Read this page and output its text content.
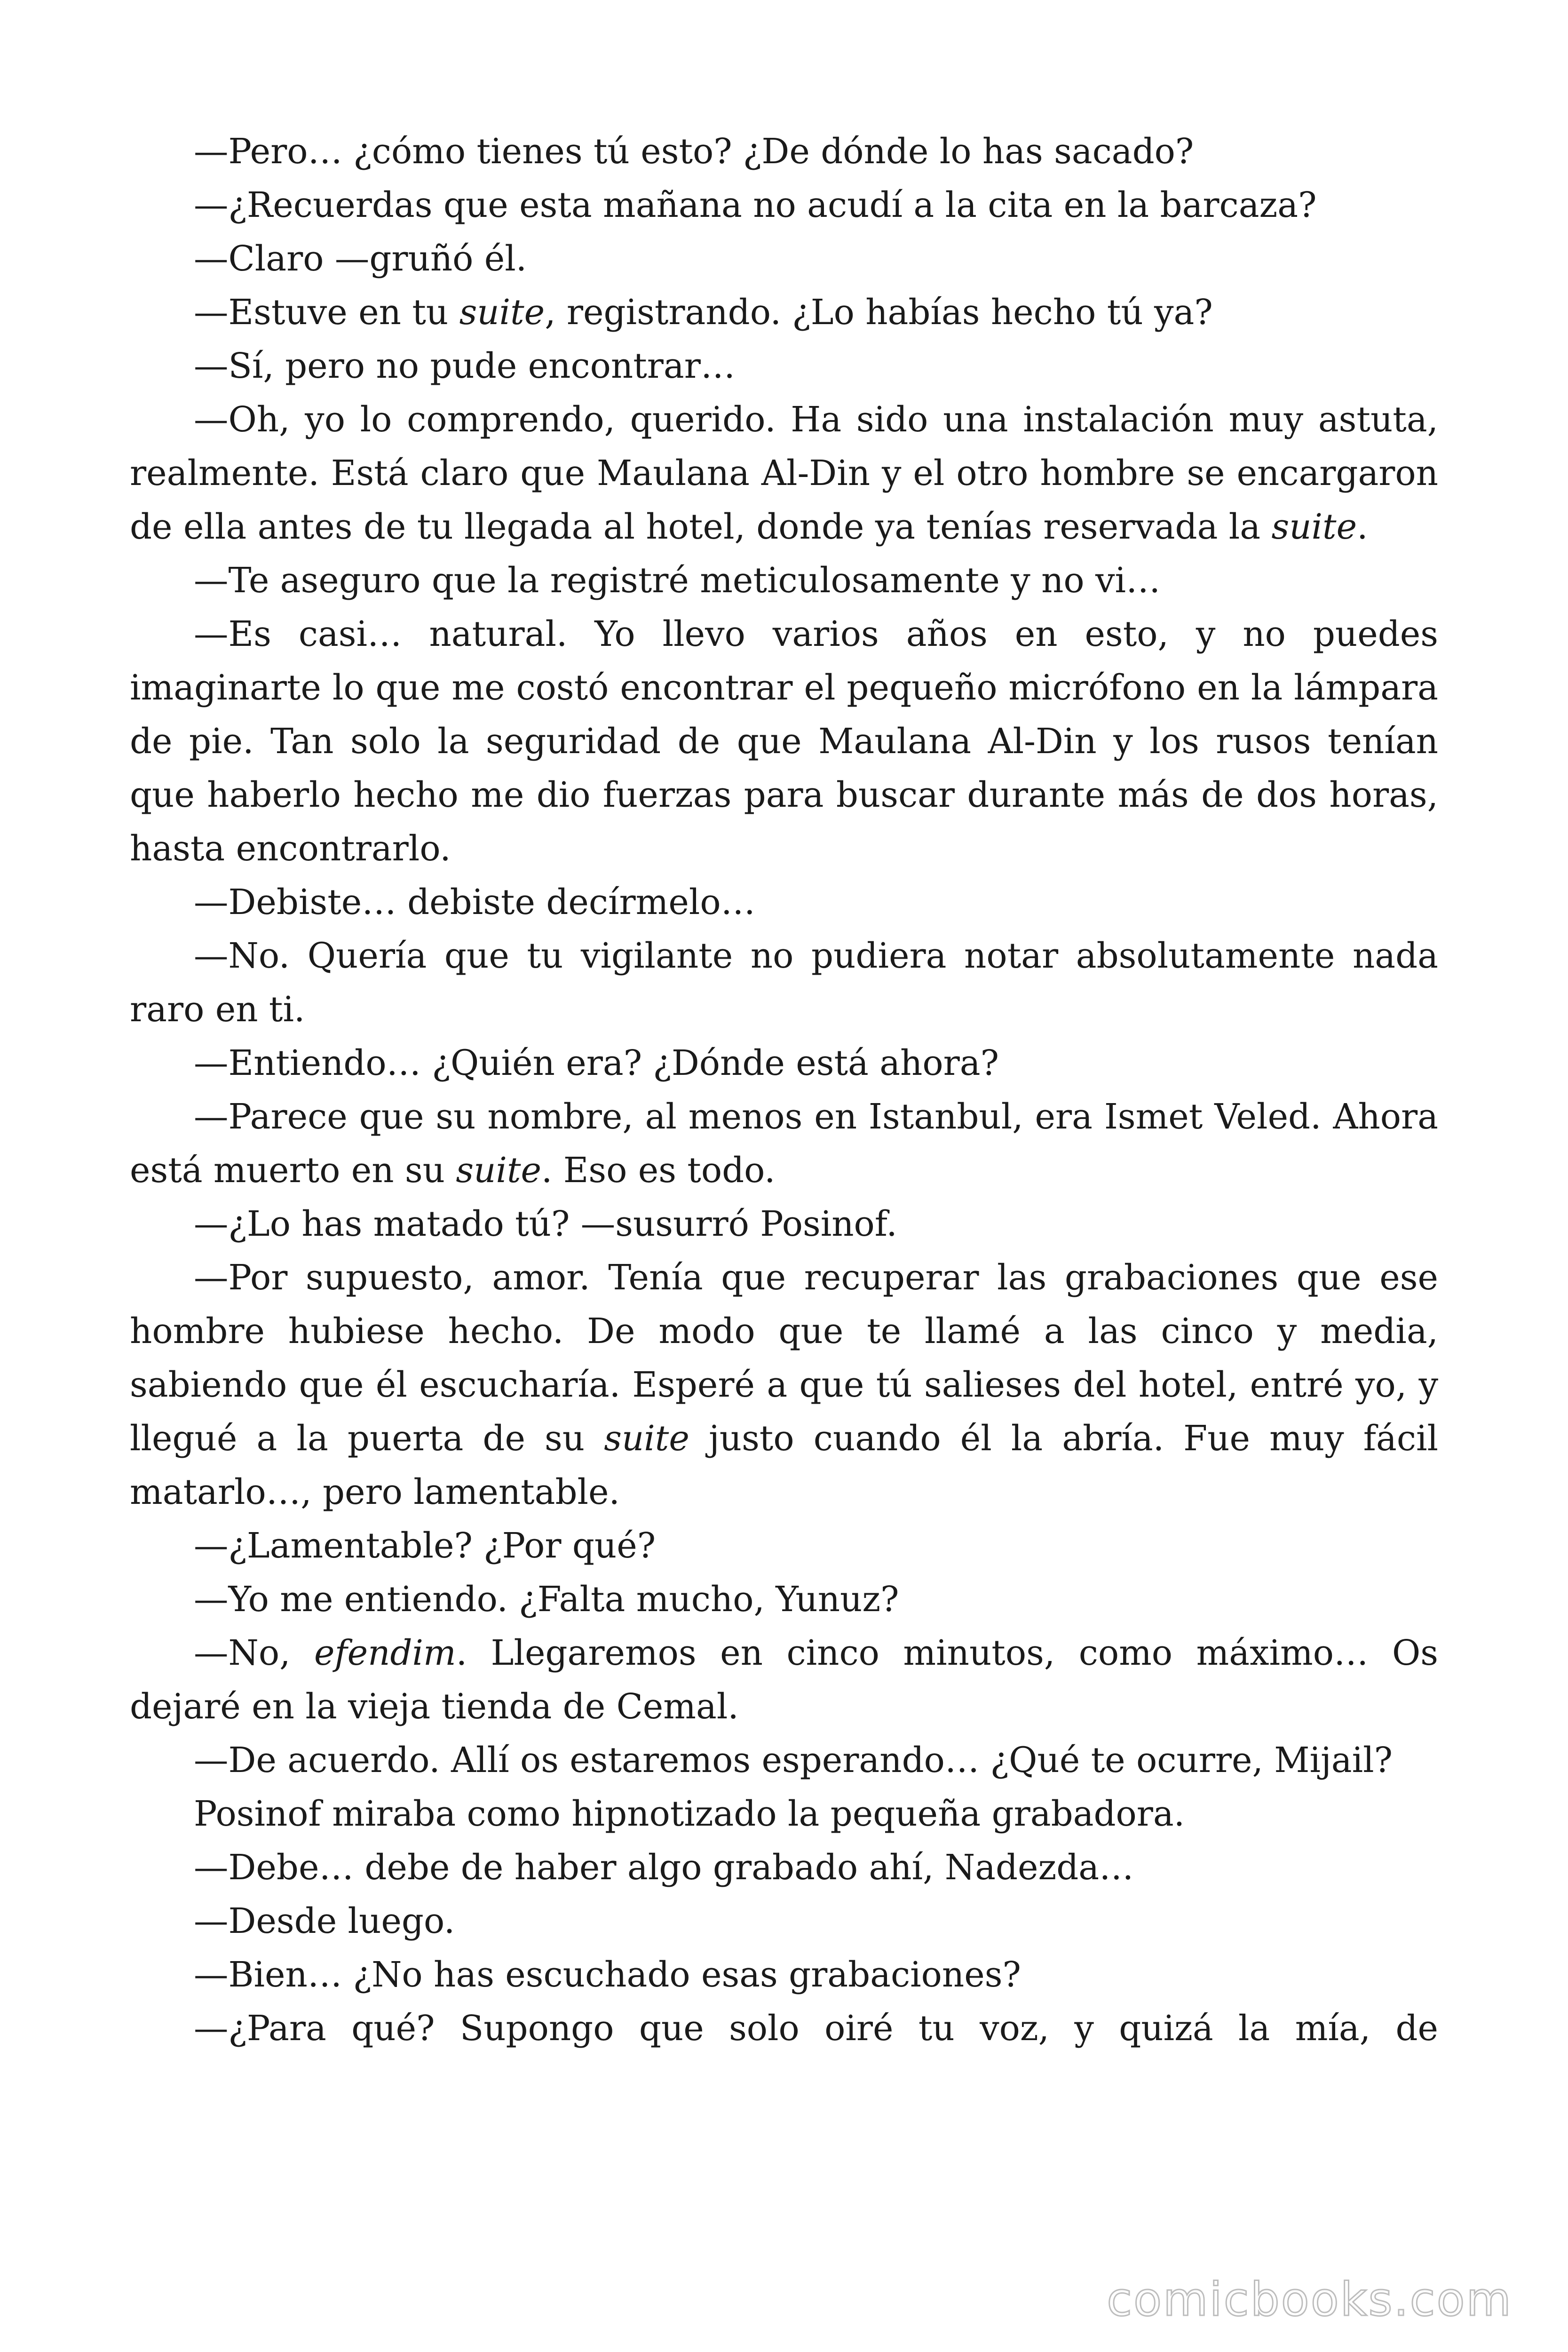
—Pero… ¿cómo tienes tú esto? ¿De dónde lo has sacado?

—¿Recuerdas que esta mañana no acudí a la cita en la barcaza?

—Claro —gruñó él.

—Estuve en tu suite, registrando. ¿Lo habías hecho tú ya?

—Sí, pero no pude encontrar…

—Oh, yo lo comprendo, querido. Ha sido una instalación muy astuta, realmente. Está claro que Maulana Al-Din y el otro hombre se encargaron de ella antes de tu llegada al hotel, donde ya tenías reservada la suite.

—Te aseguro que la registré meticulosamente y no vi…

—Es casi… natural. Yo llevo varios años en esto, y no puedes imaginarte lo que me costó encontrar el pequeño micrófono en la lámpara de pie. Tan solo la seguridad de que Maulana Al-Din y los rusos tenían que haberlo hecho me dio fuerzas para buscar durante más de dos horas, hasta encontrarlo.

—Debiste… debiste decírmelo…

—No. Quería que tu vigilante no pudiera notar absolutamente nada raro en ti.

—Entiendo… ¿Quién era? ¿Dónde está ahora?

—Parece que su nombre, al menos en Istanbul, era Ismet Veled. Ahora está muerto en su suite. Eso es todo.

—¿Lo has matado tú? —susurró Posinof.

—Por supuesto, amor. Tenía que recuperar las grabaciones que ese hombre hubiese hecho. De modo que te llamé a las cinco y media, sabiendo que él escucharía. Esperé a que tú salieses del hotel, entré yo, y llegué a la puerta de su suite justo cuando él la abría. Fue muy fácil matarlo…, pero lamentable.

—¿Lamentable? ¿Por qué?

—Yo me entiendo. ¿Falta mucho, Yunuz?

—No, efendim. Llegaremos en cinco minutos, como máximo… Os dejaré en la vieja tienda de Cemal.

—De acuerdo. Allí os estaremos esperando… ¿Qué te ocurre, Mijail?

Posinof miraba como hipnotizado la pequeña grabadora.

—Debe… debe de haber algo grabado ahí, Nadezda…

—Desde luego.

—Bien… ¿No has escuchado esas grabaciones?

—¿Para qué? Supongo que solo oiré tu voz, y quizá la mía, de

comicbooks.com
